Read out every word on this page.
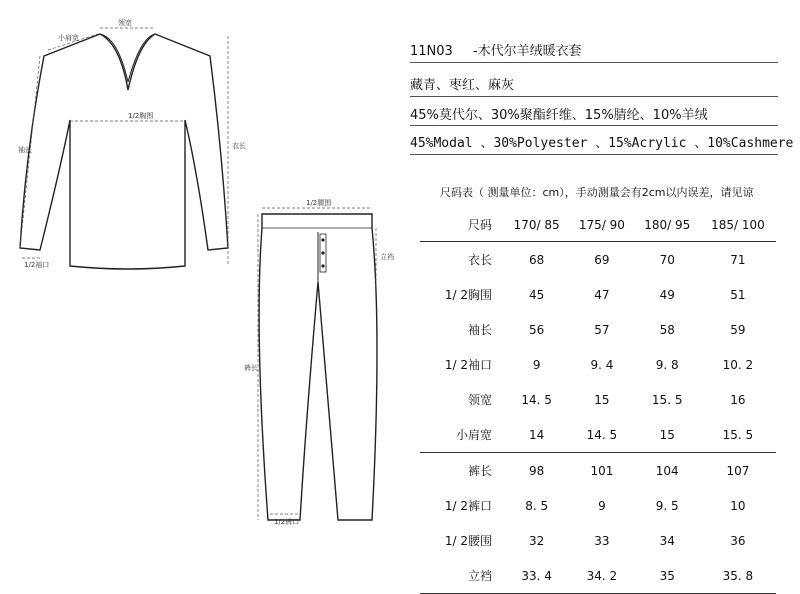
领宽
小肩宽
1/2胸围
袖长	衣长
1/2袖口
1/2腰围
立裆
裤长
1/2裤口
11N03 -木代尔羊绒暖衣套
藏青、枣红、麻灰
45%莫代尔、30%聚酯纤维、15%腈纶、10%羊绒
45%Modal 、30%Polyester 、15%Acrylic 、10%Cashmere
尺码表（ 测量单位：cm），手动测量会有2cm以内误差，请见谅
尺码	170/ 85	175/ 90	180/ 95	185/ 100
衣长	68	69	70	71
1/ 2胸围	45	47	49	51
袖长	56	57	58	59
1/ 2袖口	9	9. 4	9. 8	10. 2
领宽	14. 5	15	15. 5	16
小肩宽	14	14. 5	15	15. 5
裤长	98	101	104	107
1/ 2裤口	8. 5	9	9. 5	10
1/ 2腰围	32	33	34	36
立裆	33. 4	34. 2	35	35. 8
